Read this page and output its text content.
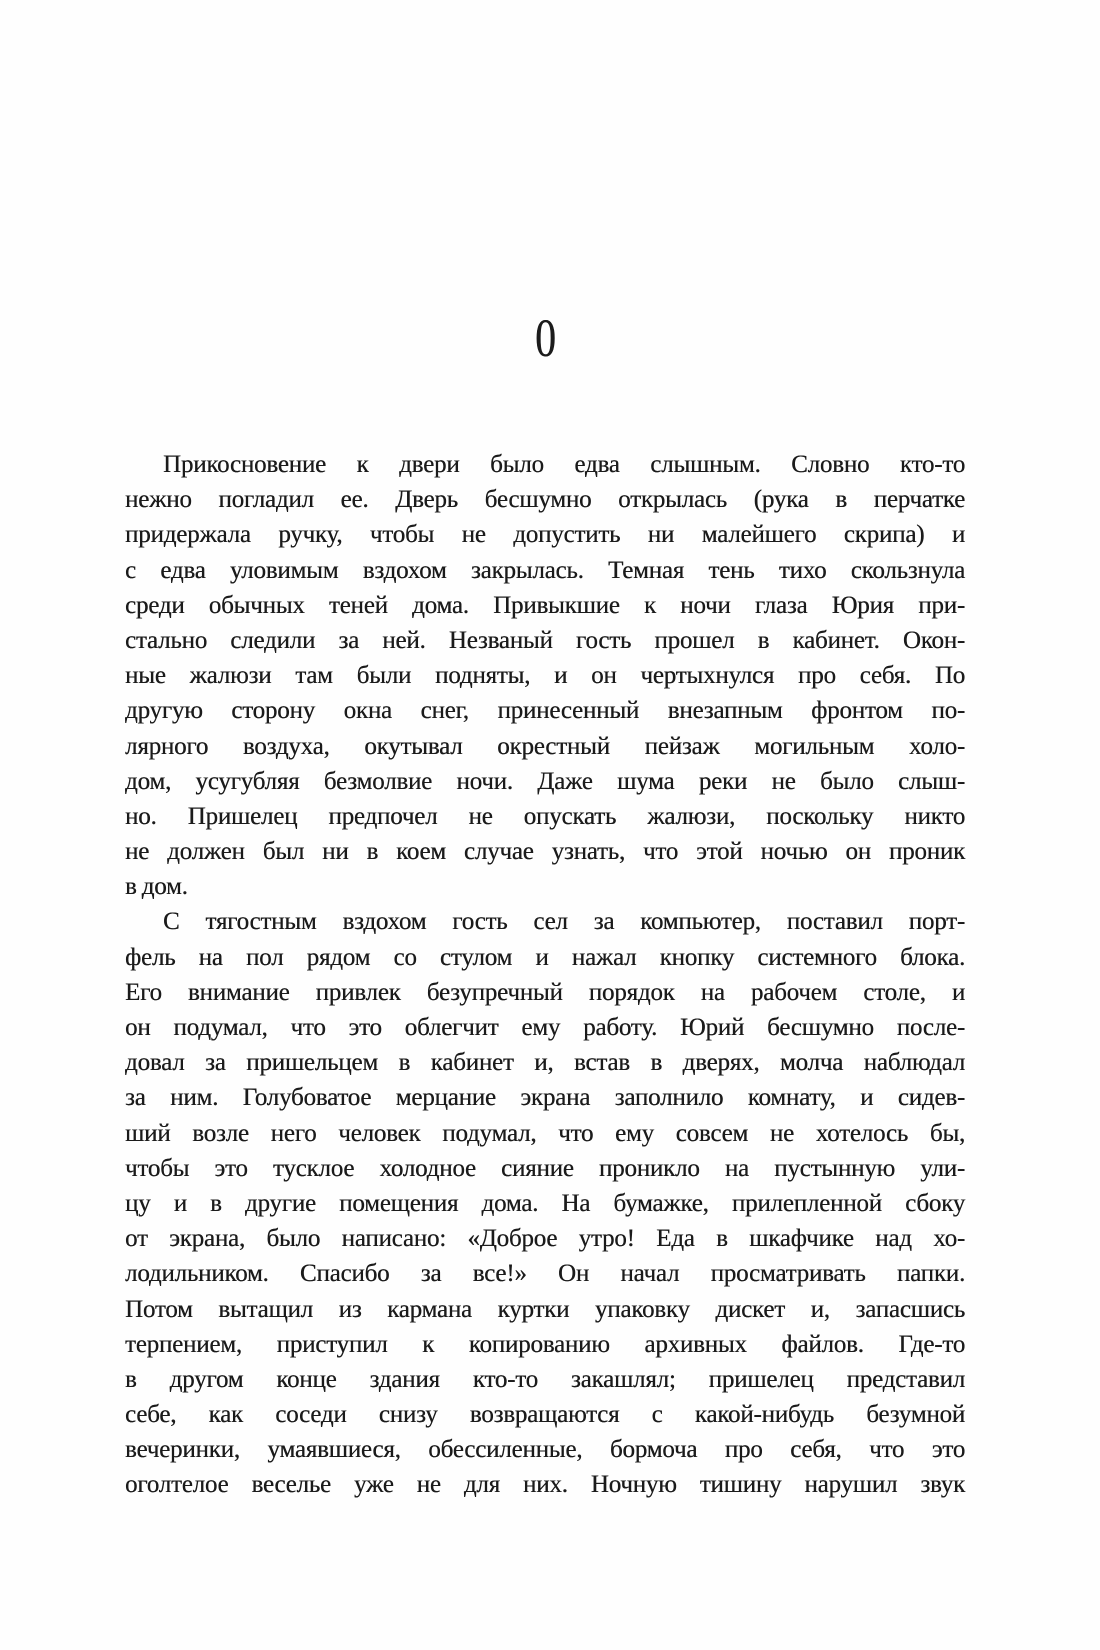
0
Прикосновение к двери было едва слышным. Словно кто-то
нежно погладил ее. Дверь бесшумно открылась (рука в перчатке
придержала ручку, чтобы не допустить ни малейшего скрипа) и
с едва уловимым вздохом закрылась. Темная тень тихо скользнула
среди обычных теней дома. Привыкшие к ночи глаза Юрия при-
стально следили за ней. Незваный гость прошел в кабинет. Окон-
ные жалюзи там были подняты, и он чертыхнулся про себя. По
другую сторону окна снег, принесенный внезапным фронтом по-
лярного воздуха, окутывал окрестный пейзаж могильным холо-
дом, усугубляя безмолвие ночи. Даже шума реки не было слыш-
но. Пришелец предпочел не опускать жалюзи, поскольку никто
не должен был ни в коем случае узнать, что этой ночью он проник
в дом.
С тягостным вздохом гость сел за компьютер, поставил порт-
фель на пол рядом со стулом и нажал кнопку системного блока.
Его внимание привлек безупречный порядок на рабочем столе, и
он подумал, что это облегчит ему работу. Юрий бесшумно после-
довал за пришельцем в кабинет и, встав в дверях, молча наблюдал
за ним. Голубоватое мерцание экрана заполнило комнату, и сидев-
ший возле него человек подумал, что ему совсем не хотелось бы,
чтобы это тусклое холодное сияние проникло на пустынную ули-
цу и в другие помещения дома. На бумажке, прилепленной сбоку
от экрана, было написано: «Доброе утро! Еда в шкафчике над хо-
лодильником. Спасибо за все!» Он начал просматривать папки.
Потом вытащил из кармана куртки упаковку дискет и, запасшись
терпением, приступил к копированию архивных файлов. Где-то
в другом конце здания кто-то закашлял; пришелец представил
себе, как соседи снизу возвращаются с какой-нибудь безумной
вечеринки, умаявшиеся, обессиленные, бормоча про себя, что это
оголтелое веселье уже не для них. Ночную тишину нарушил звук
